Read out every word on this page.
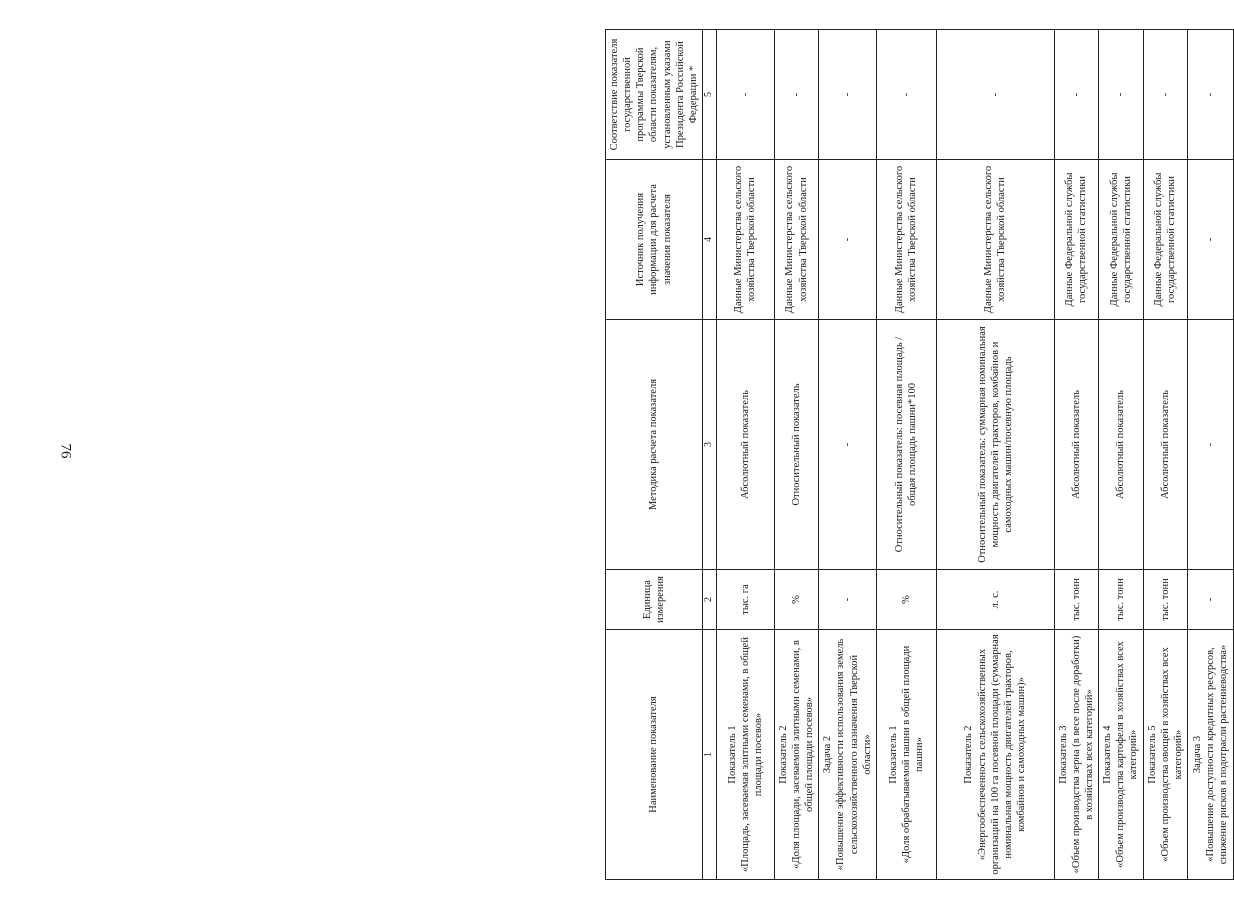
76
Наименование показателя	Единица измерения	Методика расчета показателя	Источник получения информации для расчета значения показателя	Соответствие показателя государственной программы Тверской области показателям, установленным указами Президента Российской Федерации *
1	2	3	4	5

Показатель 1 «Площадь, засеваемая элитными семенами, в общей площади посевов»	тыс. га	Абсолютный показатель	Данные Министерства сельского хозяйства Тверской области	-

Показатель 2 «Доля площади, засеваемой элитными семенами, в общей площади посевов»	%	Относительный показатель	Данные Министерства сельского хозяйства Тверской области	-

Задача 2 «Повышение эффективности использования земель сельскохозяйственного назначения Тверской области»	-	-	-	-

Показатель 1 «Доля обрабатываемой пашни в общей площади пашни»	%	Относительный показатель: посевная площадь / общая площадь пашни*100	Данные Министерства сельского хозяйства Тверской области	-

Показатель 2 «Энергообеспеченность сельскохозяйственных организаций на 100 га посевной площади (суммарная номинальная мощность двигателей тракторов, комбайнов и самоходных машин)»	л. с.	Относительный показатель: суммарная номинальная мощность двигателей тракторов, комбайнов и самоходных машин/посевную площадь	Данные Министерства сельского хозяйства Тверской области	-

Показатель 3 «Объем производства зерна (в весе после доработки) в хозяйствах всех категорий»	тыс. тонн	Абсолютный показатель	Данные Федеральной службы государственной статистики	-

Показатель 4 «Объем производства картофеля в хозяйствах всех категорий»	тыс. тонн	Абсолютный показатель	Данные Федеральной службы государственной статистики	-

Показатель 5 «Объем производства овощей в хозяйствах всех категорий»	тыс. тонн	Абсолютный показатель	Данные Федеральной службы государственной статистики	-

Задача 3 «Повышение доступности кредитных ресурсов, снижение рисков в подотрасли растениеводства»	-	-	-	-
